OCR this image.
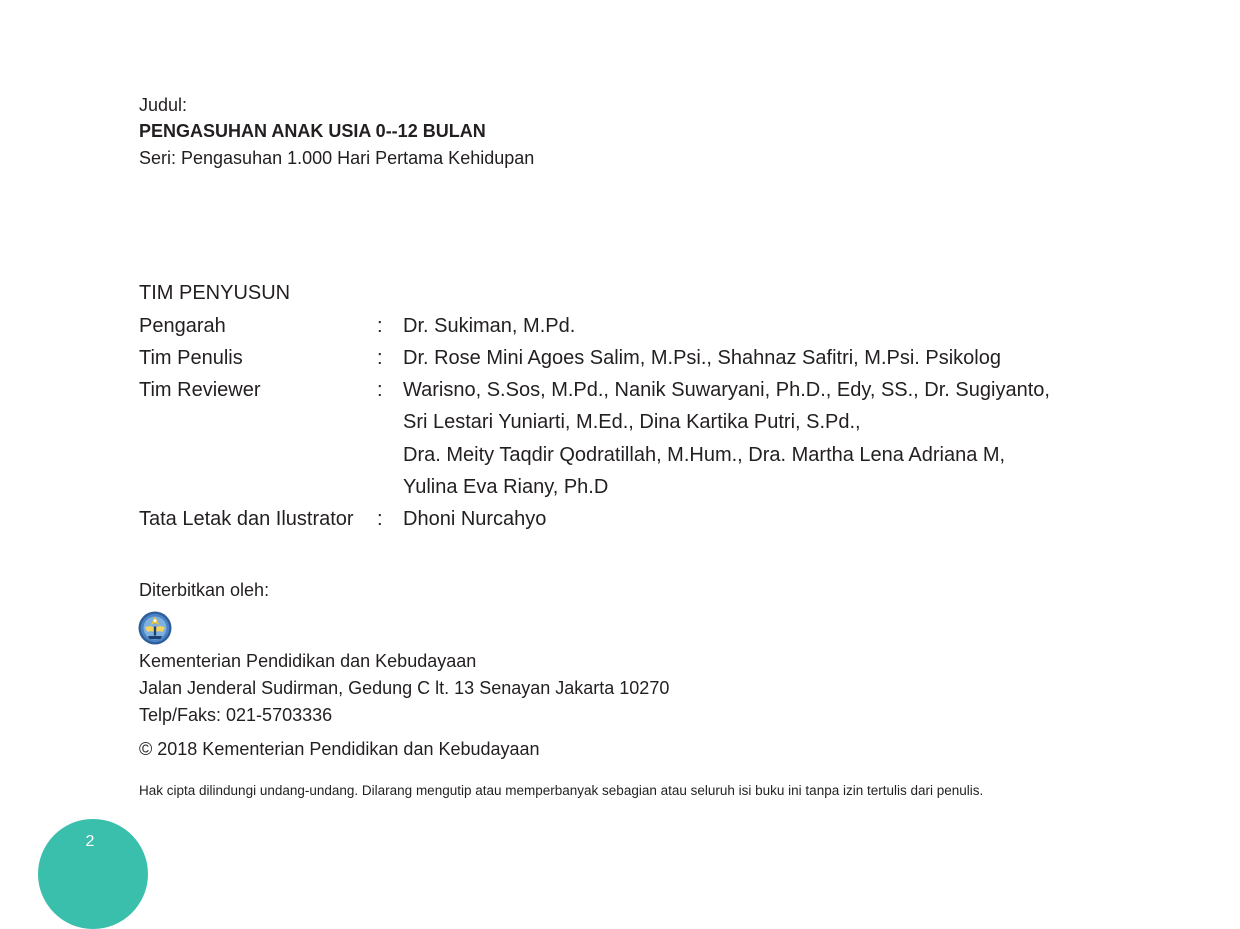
Judul:
PENGASUHAN ANAK USIA 0--12 BULAN
Seri: Pengasuhan 1.000 Hari Pertama Kehidupan
TIM PENYUSUN
Pengarah	: Dr. Sukiman, M.Pd.
Tim Penulis	: Dr. Rose Mini Agoes Salim, M.Psi., Shahnaz Safitri, M.Psi. Psikolog
Tim Reviewer	: Warisno, S.Sos, M.Pd., Nanik Suwaryani, Ph.D., Edy, SS., Dr. Sugiyanto,
Sri Lestari Yuniarti, M.Ed., Dina Kartika Putri, S.Pd.,
Dra. Meity Taqdir Qodratillah, M.Hum., Dra. Martha Lena Adriana M,
Yulina Eva Riany, Ph.D
Tata Letak dan Ilustrator : Dhoni Nurcahyo
Diterbitkan oleh:
Kementerian Pendidikan dan Kebudayaan
Jalan Jenderal Sudirman, Gedung C lt. 13 Senayan Jakarta 10270
Telp/Faks: 021-5703336
© 2018 Kementerian Pendidikan dan Kebudayaan
Hak cipta dilindungi undang-undang. Dilarang mengutip atau memperbanyak sebagian atau seluruh isi buku ini tanpa izin tertulis dari penulis.
2
